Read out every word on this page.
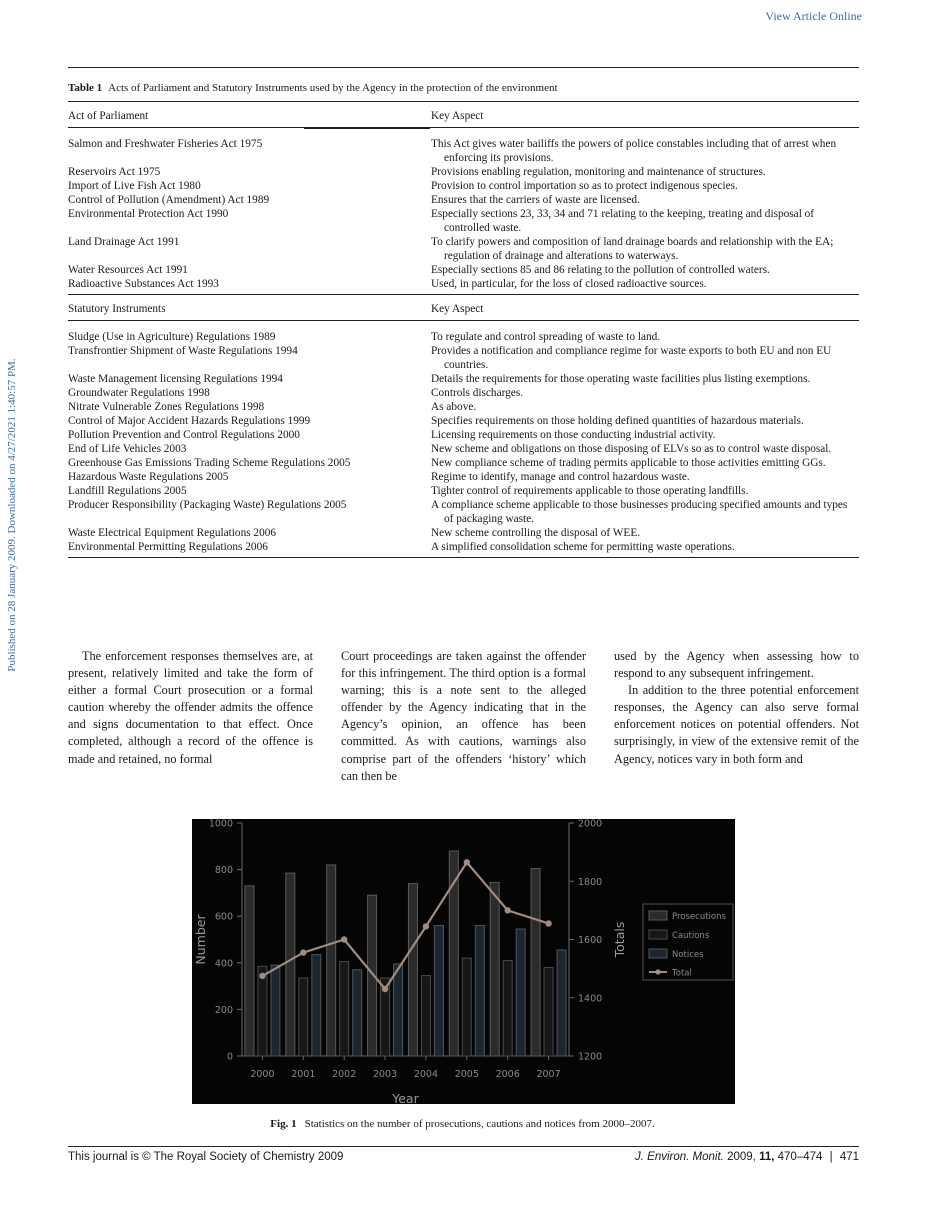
View Article Online
Published on 28 January 2009. Downloaded on 4/27/2021 1:40:57 PM.
Table 1 Acts of Parliament and Statutory Instruments used by the Agency in the protection of the environment
Act of Parliament	Key Aspect
Salmon and Freshwater Fisheries Act 1975	This Act gives water bailiffs the powers of police constables including that of arrest when enforcing its provisions.
Reservoirs Act 1975	Provisions enabling regulation, monitoring and maintenance of structures.
Import of Live Fish Act 1980	Provision to control importation so as to protect indigenous species.
Control of Pollution (Amendment) Act 1989	Ensures that the carriers of waste are licensed.
Environmental Protection Act 1990	Especially sections 23, 33, 34 and 71 relating to the keeping, treating and disposal of controlled waste.
Land Drainage Act 1991	To clarify powers and composition of land drainage boards and relationship with the EA; regulation of drainage and alterations to waterways.
Water Resources Act 1991	Especially sections 85 and 86 relating to the pollution of controlled waters.
Radioactive Substances Act 1993	Used, in particular, for the loss of closed radioactive sources.
Statutory Instruments	Key Aspect
Sludge (Use in Agriculture) Regulations 1989	To regulate and control spreading of waste to land.
Transfrontier Shipment of Waste Regulations 1994	Provides a notification and compliance regime for waste exports to both EU and non EU countries.
Waste Management licensing Regulations 1994	Details the requirements for those operating waste facilities plus listing exemptions.
Groundwater Regulations 1998	Controls discharges.
Nitrate Vulnerable Zones Regulations 1998	As above.
Control of Major Accident Hazards Regulations 1999	Specifies requirements on those holding defined quantities of hazardous materials.
Pollution Prevention and Control Regulations 2000	Licensing requirements on those conducting industrial activity.
End of Life Vehicles 2003	New scheme and obligations on those disposing of ELVs so as to control waste disposal.
Greenhouse Gas Emissions Trading Scheme Regulations 2005	New compliance scheme of trading permits applicable to those activities emitting GGs.
Hazardous Waste Regulations 2005	Regime to identify, manage and control hazardous waste.
Landfill Regulations 2005	Tighter control of requirements applicable to those operating landfills.
Producer Responsibility (Packaging Waste) Regulations 2005	A compliance scheme applicable to those businesses producing specified amounts and types of packaging waste.
Waste Electrical Equipment Regulations 2006	New scheme controlling the disposal of WEE.
Environmental Permitting Regulations 2006	A simplified consolidation scheme for permitting waste operations.

The enforcement responses themselves are, at present, relatively limited and take the form of either a formal Court prosecution or a formal caution whereby the offender admits the offence and signs documentation to that effect. Once completed, although a record of the offence is made and retained, no formal

Court proceedings are taken against the offender for this infringement. The third option is a formal warning; this is a note sent to the alleged offender by the Agency indicating that in the Agency’s opinion, an offence has been committed. As with cautions, warnings also comprise part of the offenders ‘history’ which can then be

used by the Agency when assessing how to respond to any subsequent infringement.

In addition to the three potential enforcement responses, the Agency can also serve formal enforcement notices on potential offenders. Not surprisingly, in view of the extensive remit of the Agency, notices vary in both form and

0
200
400
600
800
1000
1200
1400
1600
1800
2000
2000 2001 2002 2003 2004 2005 2006 2007
Year
Number	Totals
Prosecutions
Cautions
Notices
Total
Fig. 1 Statistics on the number of prosecutions, cautions and notices from 2000–2007.
This journal is © The Royal Society of Chemistry 2009	J. Environ. Monit. 2009, 11, 470–474 | 471
